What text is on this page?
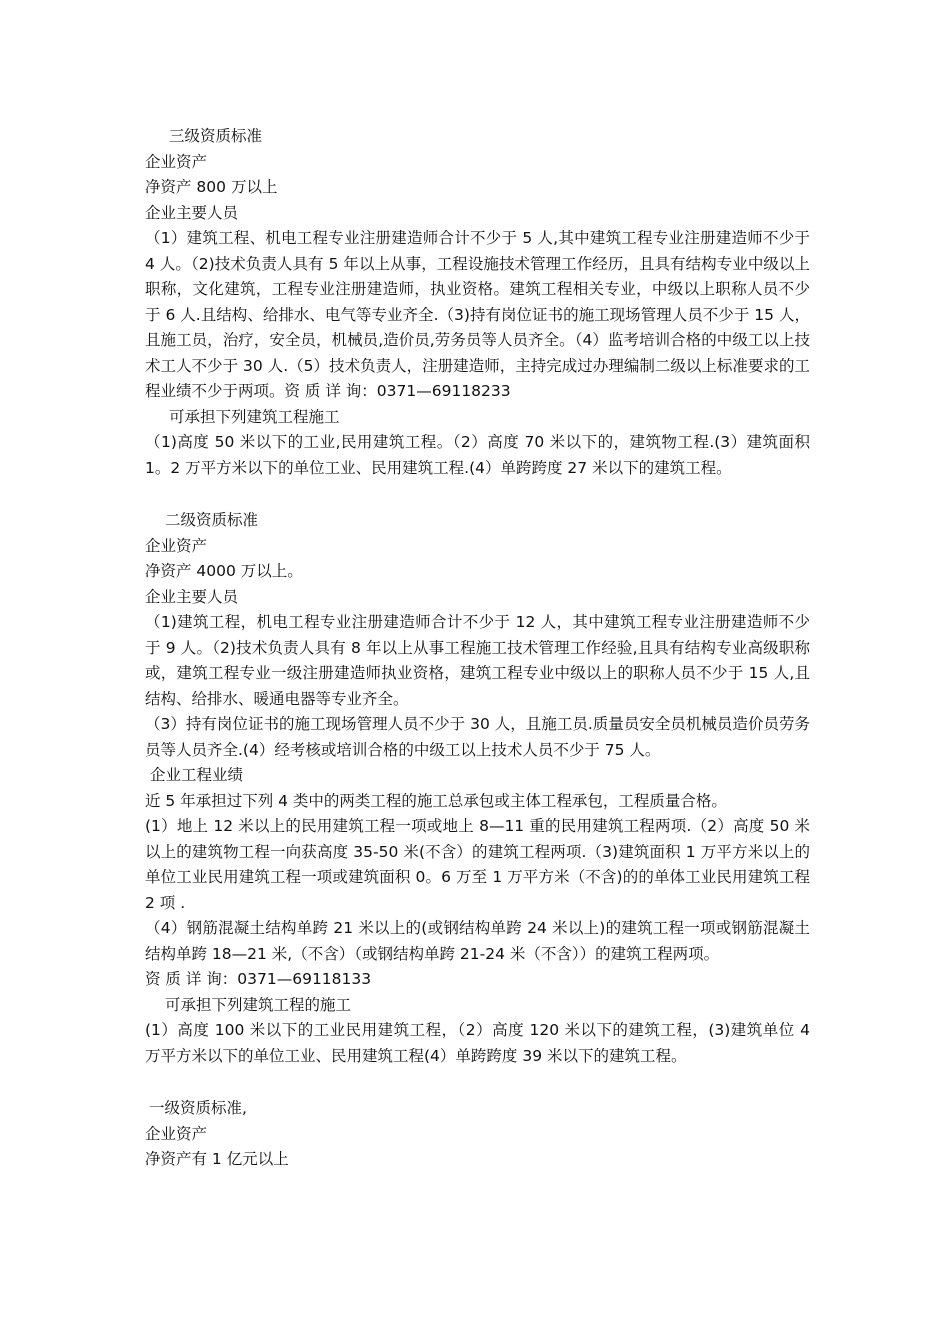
三级资质标准

企业资产

净资产 800 万以上

企业主要人员

（1）建筑工程、机电工程专业注册建造师合计不少于 5 人,其中建筑工程专业注册建造师不少于 4 人。（2)技术负责人具有 5 年以上从事，工程设施技术管理工作经历，且具有结构专业中级以上职称，文化建筑，工程专业注册建造师，执业资格。建筑工程相关专业，中级以上职称人员不少于 6 人.且结构、给排水、电气等专业齐全.（3)持有岗位证书的施工现场管理人员不少于 15 人，且施工员，治疗，安全员，机械员,造价员,劳务员等人员齐全。（4）监考培训合格的中级工以上技术工人不少于 30 人.（5）技术负责人，注册建造师，主持完成过办理编制二级以上标准要求的工程业绩不少于两项。资 质 详 询：0371—69118233

可承担下列建筑工程施工

（1)高度 50 米以下的工业,民用建筑工程。（2）高度 70 米以下的，建筑物工程.(3）建筑面积 1。2 万平方米以下的单位工业、民用建筑工程.(4）单跨跨度 27 米以下的建筑工程。

二级资质标准

企业资产

净资产 4000 万以上。

企业主要人员

（1)建筑工程，机电工程专业注册建造师合计不少于 12 人，其中建筑工程专业注册建造师不少于 9 人。（2)技术负责人具有 8 年以上从事工程施工技术管理工作经验,且具有结构专业高级职称或，建筑工程专业一级注册建造师执业资格，建筑工程专业中级以上的职称人员不少于 15 人,且结构、给排水、暖通电器等专业齐全。

（3）持有岗位证书的施工现场管理人员不少于 30 人，且施工员.质量员安全员机械员造价员劳务员等人员齐全.(4）经考核或培训合格的中级工以上技术人员不少于 75 人。

企业工程业绩

近 5 年承担过下列 4 类中的两类工程的施工总承包或主体工程承包，工程质量合格。

(1）地上 12 米以上的民用建筑工程一项或地上 8—11 重的民用建筑工程两项.（2）高度 50 米以上的建筑物工程一向获高度 35-50 米(不含）的建筑工程两项.（3)建筑面积 1 万平方米以上的单位工业民用建筑工程一项或建筑面积 0。6 万至 1 万平方米（不含)的的单体工业民用建筑工程 2 项 .

（4）钢筋混凝土结构单跨 21 米以上的(或钢结构单跨 24 米以上)的建筑工程一项或钢筋混凝土结构单跨 18—21 米,（不含）（或钢结构单跨 21-24 米（不含））的建筑工程两项。

资 质 详 询：0371—69118133

可承担下列建筑工程的施工

(1）高度 100 米以下的工业民用建筑工程，（2）高度 120 米以下的建筑工程，(3)建筑单位 4 万平方米以下的单位工业、民用建筑工程(4）单跨跨度 39 米以下的建筑工程。

一级资质标准,

企业资产

净资产有 1 亿元以上
